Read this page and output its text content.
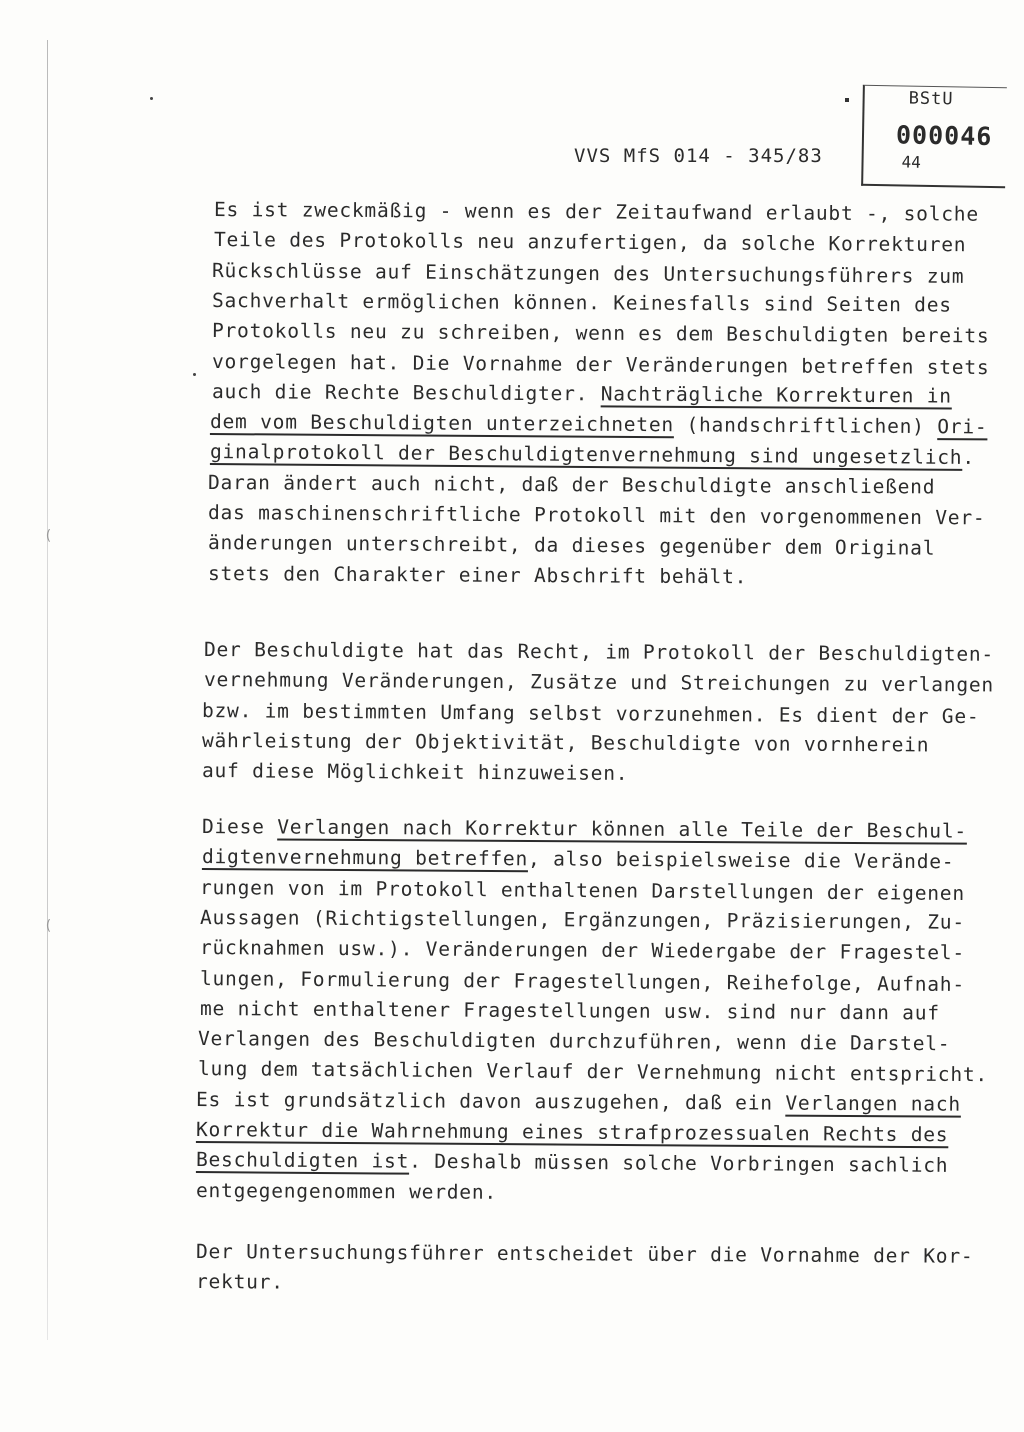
(
(
BStU
000046
44
VVS MfS 014 - 345/83
Es ist zweckmäßig - wenn es der Zeitaufwand erlaubt -, solche
Teile des Protokolls neu anzufertigen, da solche Korrekturen
Rückschlüsse auf Einschätzungen des Untersuchungsführers zum
Sachverhalt ermöglichen können. Keinesfalls sind Seiten des
Protokolls neu zu schreiben, wenn es dem Beschuldigten bereits
vorgelegen hat. Die Vornahme der Veränderungen betreffen stets
auch die Rechte Beschuldigter. Nachträgliche Korrekturen in
dem vom Beschuldigten unterzeichneten (handschriftlichen) Ori-
ginalprotokoll der Beschuldigtenvernehmung sind ungesetzlich.
Daran ändert auch nicht, daß der Beschuldigte anschließend
das maschinenschriftliche Protokoll mit den vorgenommenen Ver-
änderungen unterschreibt, da dieses gegenüber dem Original
stets den Charakter einer Abschrift behält.
Der Beschuldigte hat das Recht, im Protokoll der Beschuldigten-
vernehmung Veränderungen, Zusätze und Streichungen zu verlangen
bzw. im bestimmten Umfang selbst vorzunehmen. Es dient der Ge-
währleistung der Objektivität, Beschuldigte von vornherein
auf diese Möglichkeit hinzuweisen.
Diese Verlangen nach Korrektur können alle Teile der Beschul-
digtenvernehmung betreffen, also beispielsweise die Verände-
rungen von im Protokoll enthaltenen Darstellungen der eigenen
Aussagen (Richtigstellungen, Ergänzungen, Präzisierungen, Zu-
rücknahmen usw.). Veränderungen der Wiedergabe der Fragestel-
lungen, Formulierung der Fragestellungen, Reihefolge, Aufnah-
me nicht enthaltener Fragestellungen usw. sind nur dann auf
Verlangen des Beschuldigten durchzuführen, wenn die Darstel-
lung dem tatsächlichen Verlauf der Vernehmung nicht entspricht.
Es ist grundsätzlich davon auszugehen, daß ein Verlangen nach
Korrektur die Wahrnehmung eines strafprozessualen Rechts des
Beschuldigten ist. Deshalb müssen solche Vorbringen sachlich
entgegengenommen werden.
Der Untersuchungsführer entscheidet über die Vornahme der Kor-
rektur.
